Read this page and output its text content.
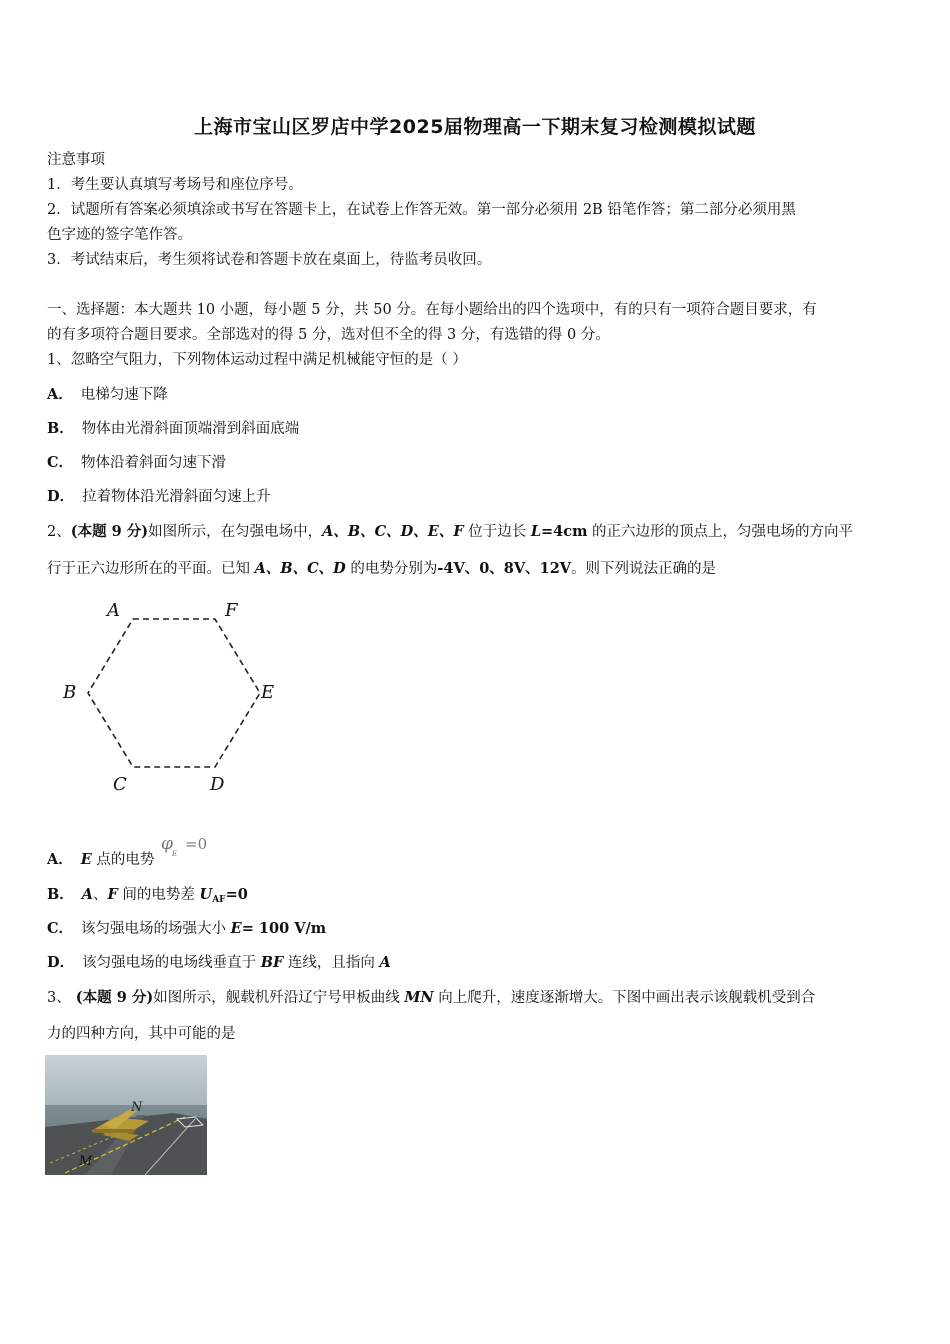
上海市宝山区罗店中学2025届物理高一下期末复习检测模拟试题
注意事项
1．考生要认真填写考场号和座位序号。
2．试题所有答案必须填涂或书写在答题卡上，在试卷上作答无效。第一部分必须用 2B 铅笔作答；第二部分必须用黑
色字迹的签字笔作答。
3．考试结束后，考生须将试卷和答题卡放在桌面上，待监考员收回。
一、选择题：本大题共 10 小题，每小题 5 分，共 50 分。在每小题给出的四个选项中，有的只有一项符合题目要求，有
的有多项符合题目要求。全部选对的得 5 分，选对但不全的得 3 分，有选错的得 0 分。
1、忽略空气阻力，下列物体运动过程中满足机械能守恒的是（ ）
A． 电梯匀速下降
B． 物体由光滑斜面顶端滑到斜面底端
C． 物体沿着斜面匀速下滑
D． 拉着物体沿光滑斜面匀速上升
2、(本题 9 分)如图所示，在匀强电场中，A、B、C、D、E、F 位于边长 L=4cm 的正六边形的顶点上，匀强电场的方向平
行于正六边形所在的平面。已知 A、B、C、D 的电势分别为-4V、0、8V、12V。则下列说法正确的是
A	F
B	E
C	D
A． E 点的电势
φ E
=0
B． A、F 间的电势差 $U_{AF}=0$
C． 该匀强电场的场强大小 E= 100 V/m
D． 该匀强电场的电场线垂直于 BF 连线，且指向 A
3、 (本题 9 分)如图所示，舰载机歼沿辽宁号甲板曲线 MN 向上爬升，速度逐渐增大。下图中画出表示该舰载机受到合
力的四种方向，其中可能的是
N
M
